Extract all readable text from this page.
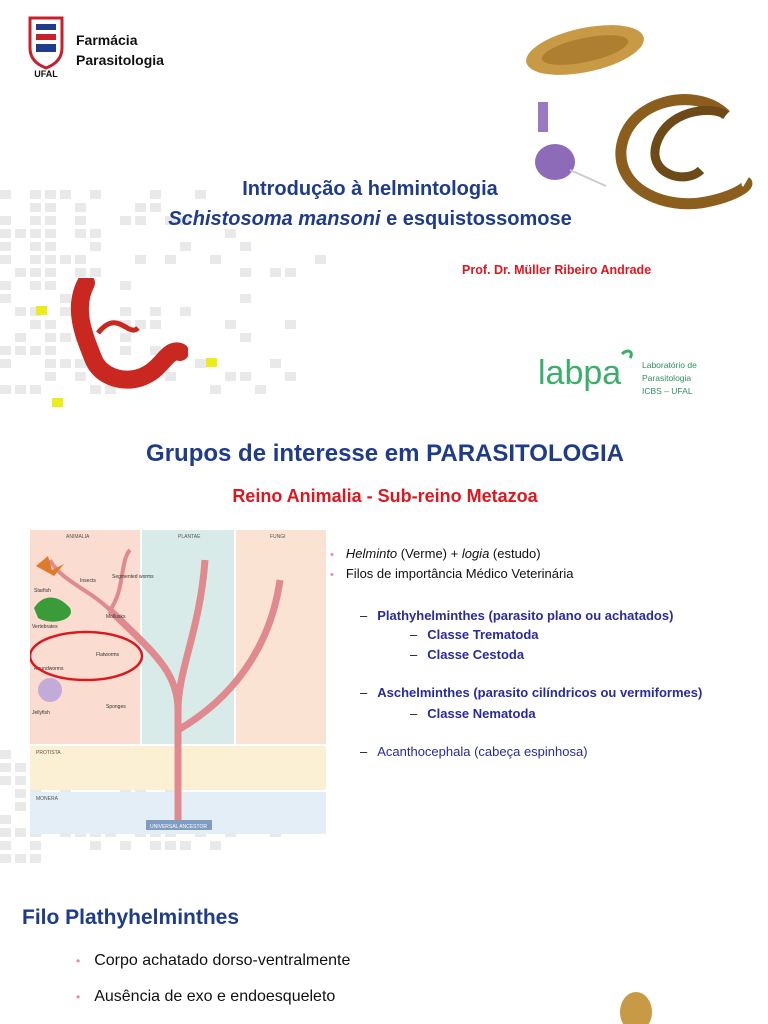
UFAL
Farmácia
Parasitologia
Introdução à helmintologia
Schistosoma mansoni e esquistossomose
Prof. Dr. Müller Ribeiro Andrade
labpa Laboratório de
Parasitologia
ICBS – UFAL
Grupos de interesse em PARASITOLOGIA
Reino Animalia - Sub-reino Metazoa
ANIMALIA	PLANTAE	FUNGI
PROTISTA
MONERA
UNIVERSAL ANCESTOR
Starfish
Insects
Segmented worms
Vertebrates
Mollusks
Roundworms
Flatworms
Jellyfish
Sponges
• Helminto (Verme) + logia (estudo)
• Filos de importância Médico Veterinária
– Plathyhelminthes (parasito plano ou achatados)
– Classe Trematoda
– Classe Cestoda
– Aschelminthes (parasito cilíndricos ou vermiformes)
– Classe Nematoda
– Acanthocephala (cabeça espinhosa)
Filo Plathyhelminthes
• Corpo achatado dorso-ventralmente
• Ausência de exo e endoesqueleto
